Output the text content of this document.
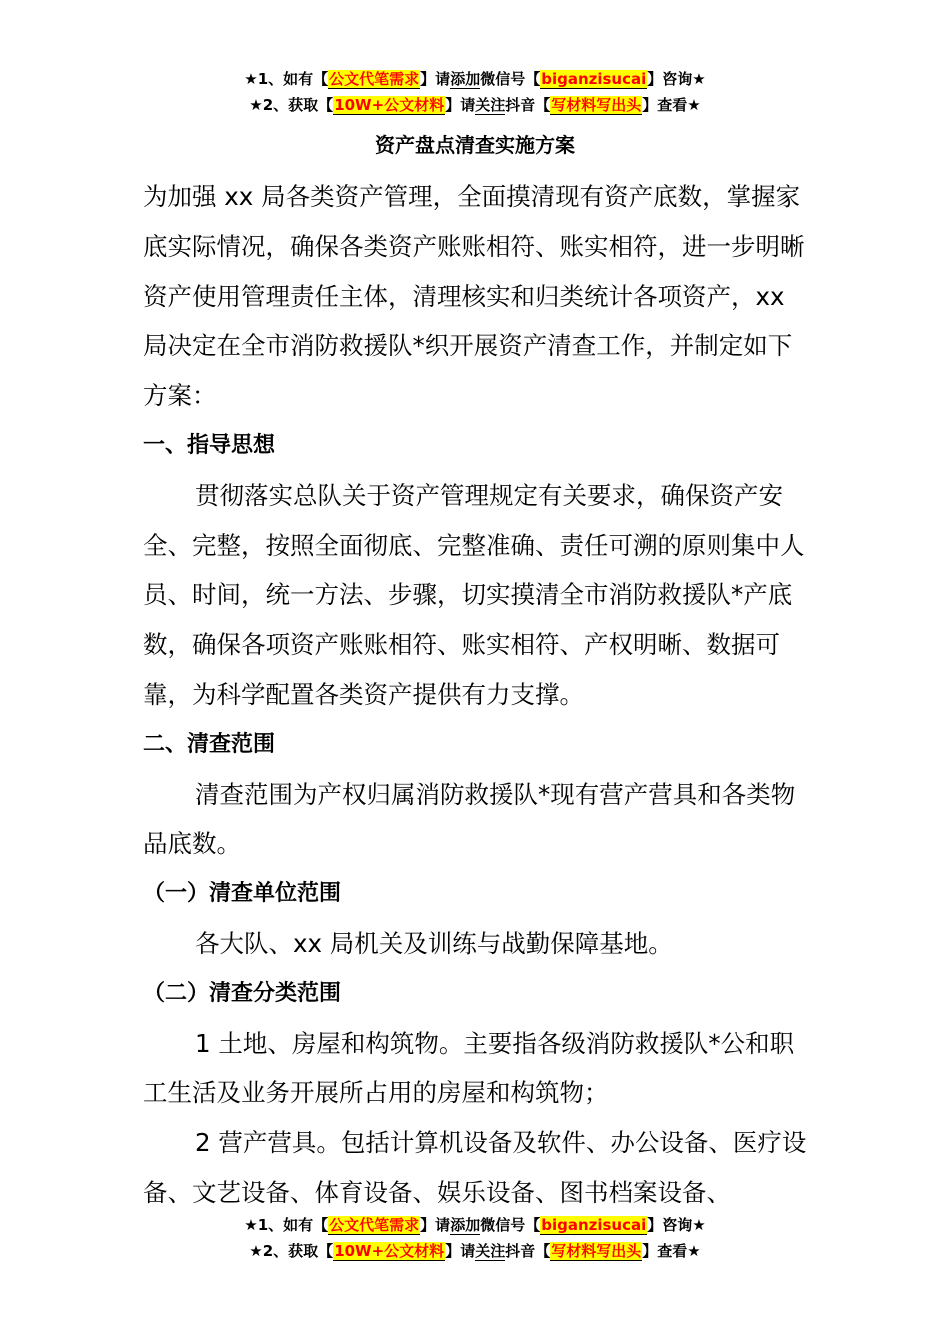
★1、如有【公文代笔需求】请添加微信号【biganzisucai】咨询★
★2、获取【10W+公文材料】请关注抖音【写材料写出头】查看★
资产盘点清查实施方案

为加强 xx 局各类资产管理，全面摸清现有资产底数，掌握家底实际情况，确保各类资产账账相符、账实相符，进一步明晰资产使用管理责任主体，清理核实和归类统计各项资产，xx 局决定在全市消防救援队*织开展资产清查工作，并制定如下方案：

一、指导思想

贯彻落实总队关于资产管理规定有关要求，确保资产安全、完整，按照全面彻底、完整准确、责任可溯的原则集中人员、时间，统一方法、步骤，切实摸清全市消防救援队*产底数，确保各项资产账账相符、账实相符、产权明晰、数据可靠，为科学配置各类资产提供有力支撑。

二、清查范围

清查范围为产权归属消防救援队*现有营产营具和各类物品底数。

（一）清查单位范围

各大队、xx 局机关及训练与战勤保障基地。

（二）清查分类范围

1 土地、房屋和构筑物。主要指各级消防救援队*公和职工生活及业务开展所占用的房屋和构筑物；

2 营产营具。包括计算机设备及软件、办公设备、医疗设备、文艺设备、体育设备、娱乐设备、图书档案设备、

★1、如有【公文代笔需求】请添加微信号【biganzisucai】咨询★
★2、获取【10W+公文材料】请关注抖音【写材料写出头】查看★
